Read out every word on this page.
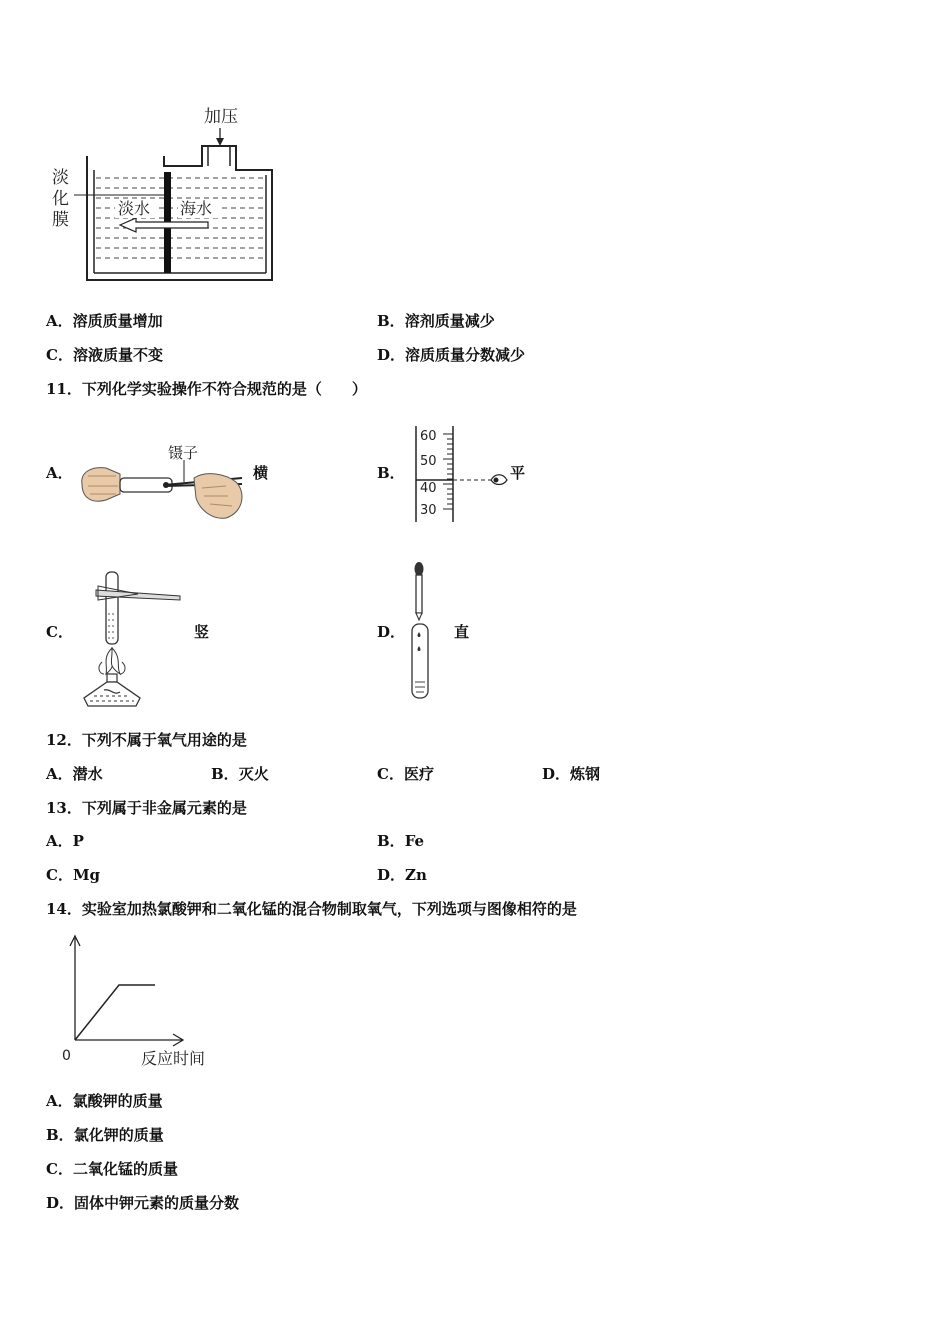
加压
淡
化
膜
淡水 海水
A．溶质质量增加	B．溶剂质量减少
C．溶液质量不变	D．溶质质量分数减少
11．下列化学实验操作不符合规范的是（　　）
A．
镊子
横	B．
60
50
40
30
平
C．	竖	D．	直
12．下列不属于氧气用途的是
A．潜水	B．灭火	C．医疗	D．炼钢
13．下列属于非金属元素的是
A．P	B．Fe
C．Mg	D．Zn
14．实验室加热氯酸钾和二氧化锰的混合物制取氧气，下列选项与图像相符的是
0	反应时间
A．氯酸钾的质量
B．氯化钾的质量
C．二氧化锰的质量
D．固体中钾元素的质量分数
